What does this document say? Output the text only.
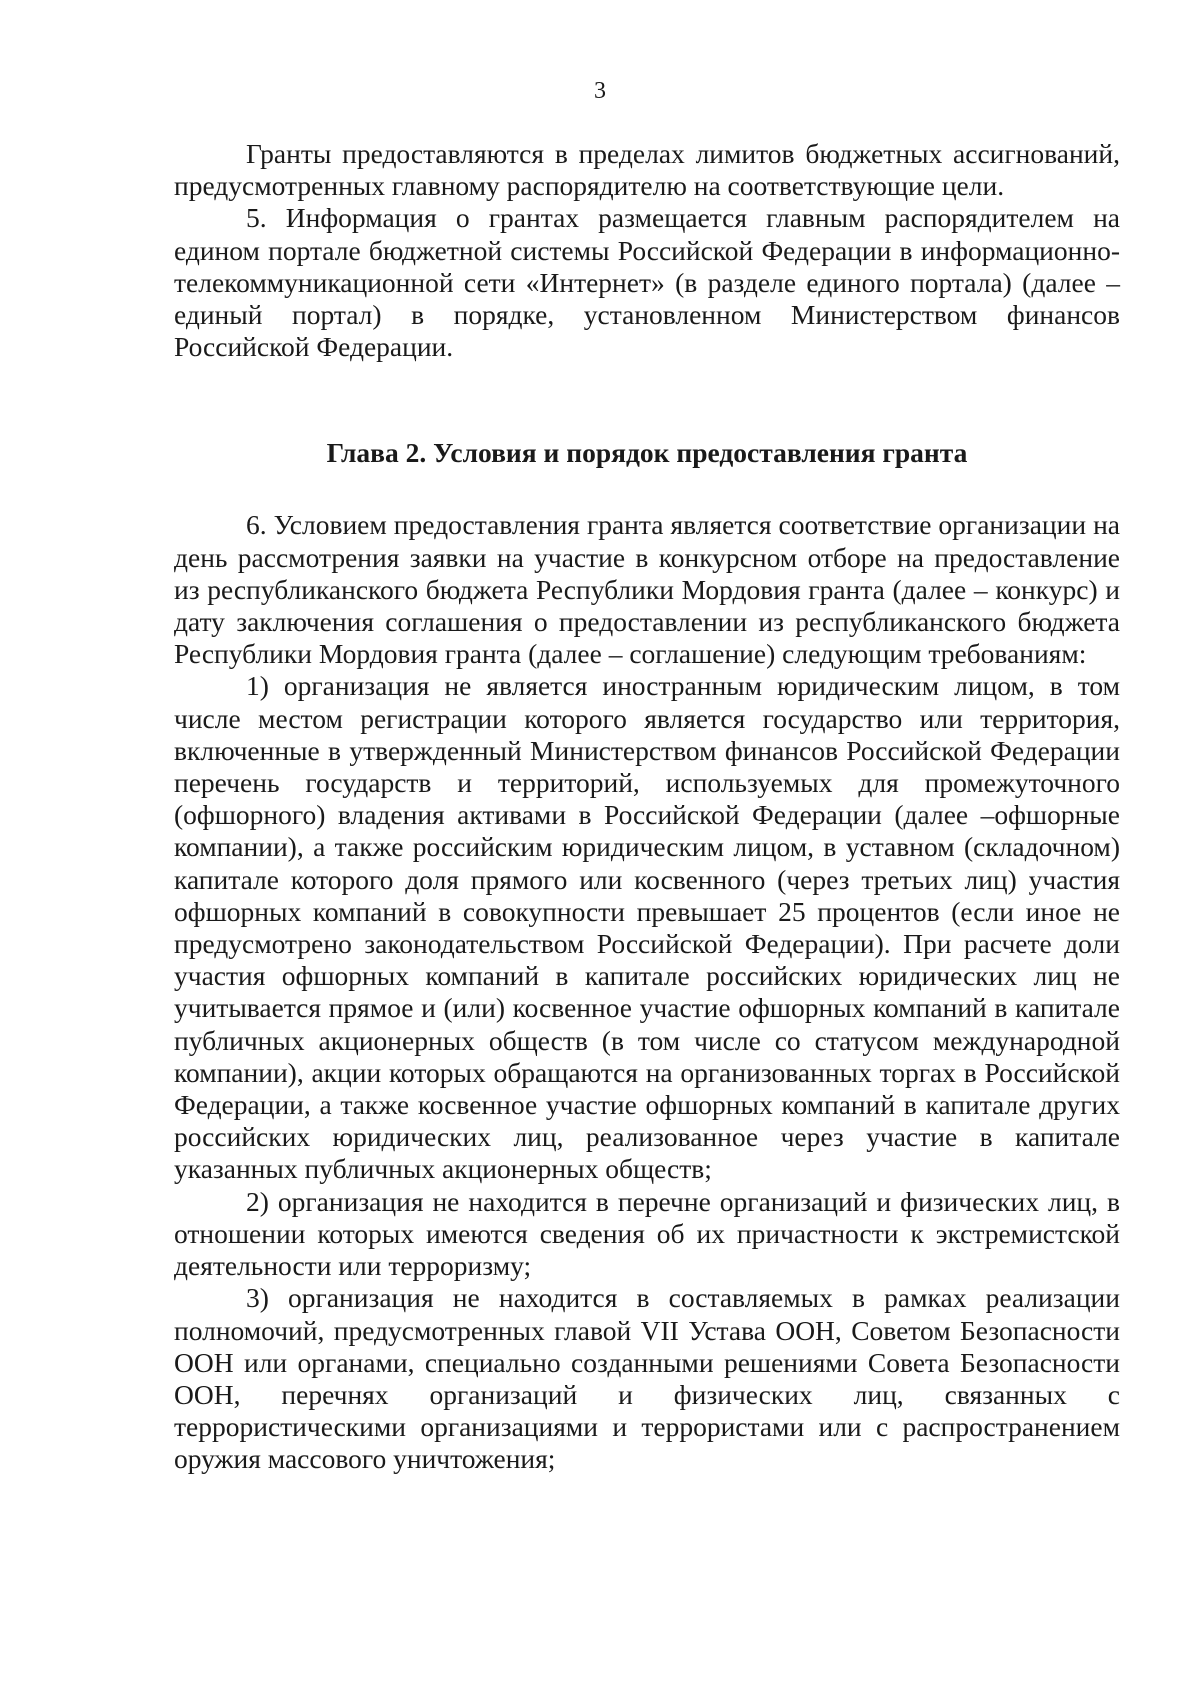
3

Гранты предоставляются в пределах лимитов бюджетных ассигнований, предусмотренных главному распорядителю на соответствующие цели.

5. Информация о грантах размещается главным распорядителем на едином портале бюджетной системы Российской Федерации в информационно-телекоммуникационной сети «Интернет» (в разделе единого портала) (далее – единый портал) в порядке, установленном Министерством финансов Российской Федерации.

Глава 2. Условия и порядок предоставления гранта

6. Условием предоставления гранта является соответствие организации на день рассмотрения заявки на участие в конкурсном отборе на предоставление из республиканского бюджета Республики Мордовия гранта (далее – конкурс) и дату заключения соглашения о предоставлении из республиканского бюджета Республики Мордовия гранта (далее – соглашение) следующим требованиям:

1) организация не является иностранным юридическим лицом, в том числе местом регистрации которого является государство или территория, включенные в утвержденный Министерством финансов Российской Федерации перечень государств и территорий, используемых для промежуточного (офшорного) владения активами в Российской Федерации (далее –офшорные компании), а также российским юридическим лицом, в уставном (складочном) капитале которого доля прямого или косвенного (через третьих лиц) участия офшорных компаний в совокупности превышает 25 процентов (если иное не предусмотрено законодательством Российской Федерации). При расчете доли участия офшорных компаний в капитале российских юридических лиц не учитывается прямое и (или) косвенное участие офшорных компаний в капитале публичных акционерных обществ (в том числе со статусом международной компании), акции которых обращаются на организованных торгах в Российской Федерации, а также косвенное участие офшорных компаний в капитале других российских юридических лиц, реализованное через участие в капитале указанных публичных акционерных обществ;

2) организация не находится в перечне организаций и физических лиц, в отношении которых имеются сведения об их причастности к экстремистской деятельности или терроризму;

3) организация не находится в составляемых в рамках реализации полномочий, предусмотренных главой VII Устава ООН, Советом Безопасности ООН или органами, специально созданными решениями Совета Безопасности ООН, перечнях организаций и физических лиц, связанных с террористическими организациями и террористами или с распространением оружия массового уничтожения;
